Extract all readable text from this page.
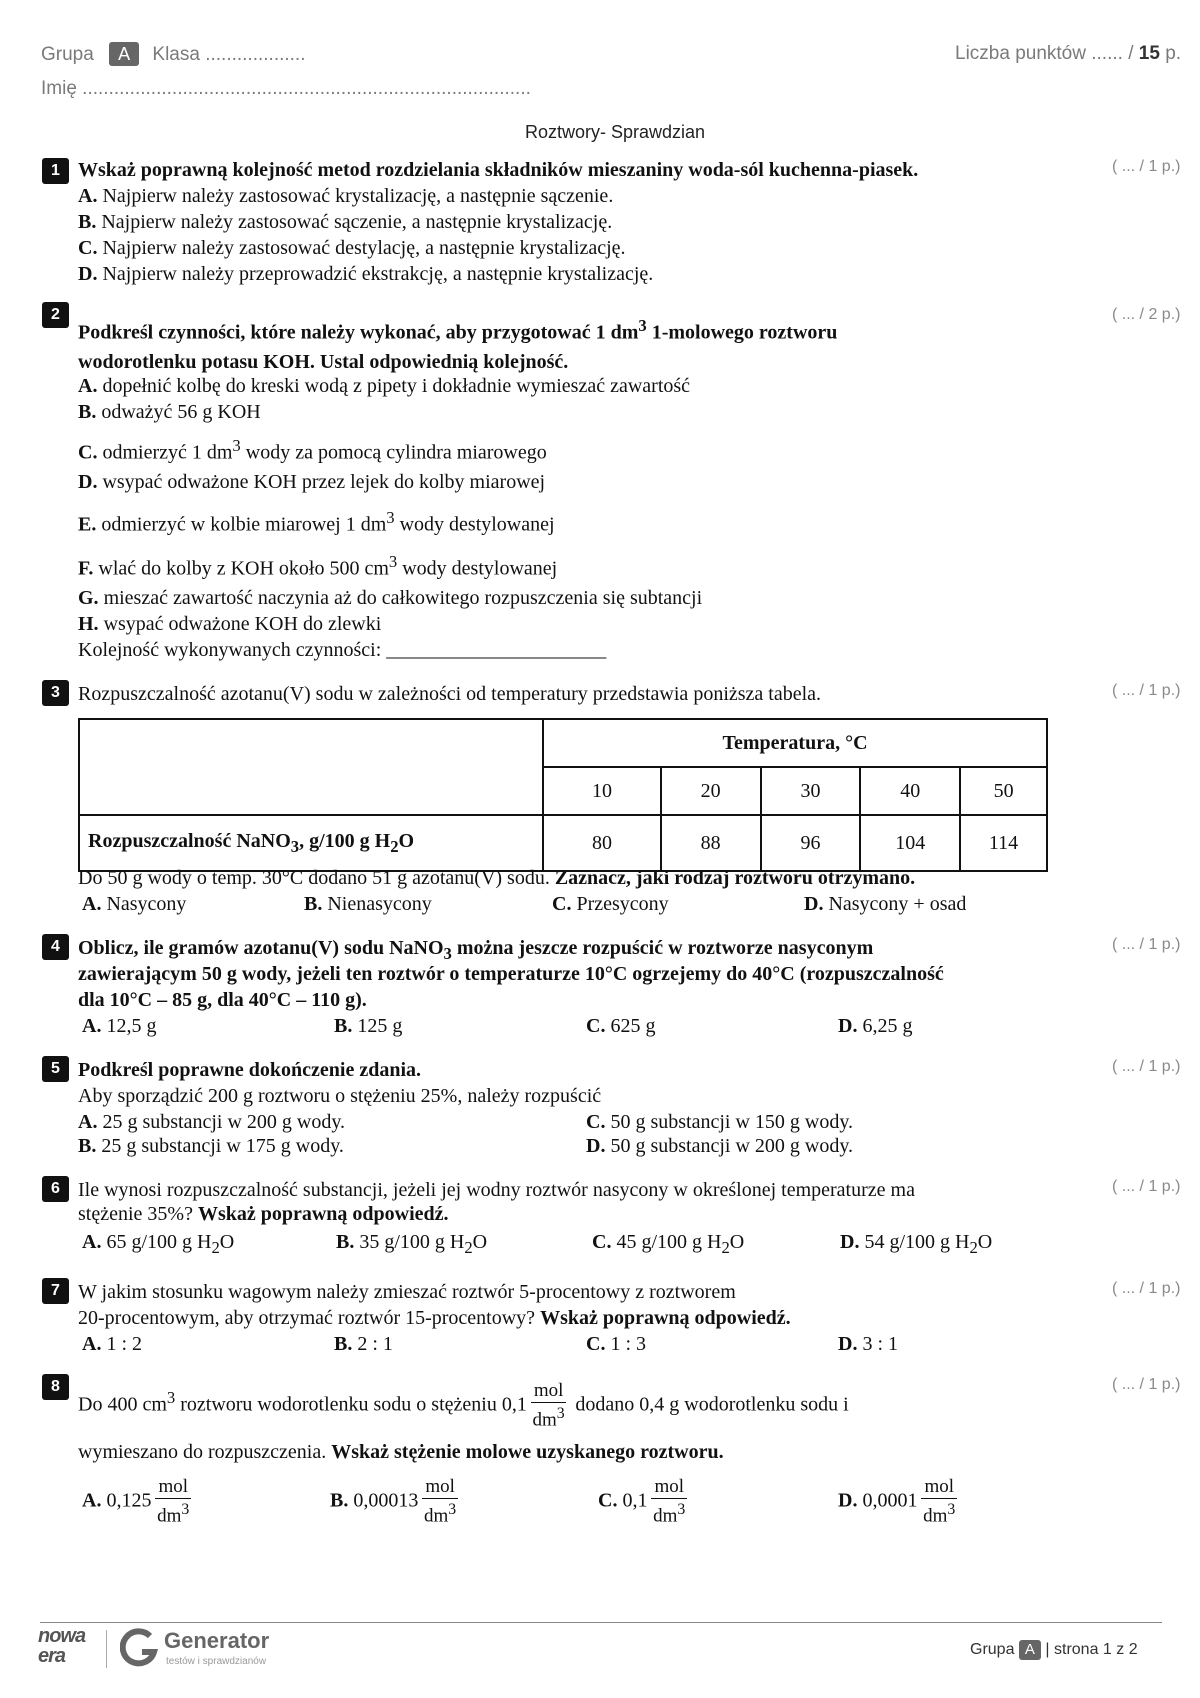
Grupa A Klasa ...................
Imię .....................................................................................
Liczba punktów ...... / 15 p.
Roztwory- Sprawdzian
1	( ... / 1 p.)
Wskaż poprawną kolejność metod rozdzielania składników mieszaniny woda-sól kuchenna-piasek.
A. Najpierw należy zastosować krystalizację, a następnie sączenie.
B. Najpierw należy zastosować sączenie, a następnie krystalizację.
C. Najpierw należy zastosować destylację, a następnie krystalizację.
D. Najpierw należy przeprowadzić ekstrakcję, a następnie krystalizację.
2	( ... / 2 p.)
Podkreśl czynności, które należy wykonać, aby przygotować 1 $dm^3$ 1-molowego roztworu
wodorotlenku potasu KOH. Ustal odpowiednią kolejność.
A. dopełnić kolbę do kreski wodą z pipety i dokładnie wymieszać zawartość
B. odważyć 56 g KOH
C. odmierzyć 1 $dm^3$ wody za pomocą cylindra miarowego
D. wsypać odważone KOH przez lejek do kolby miarowej
E. odmierzyć w kolbie miarowej 1 $dm^3$ wody destylowanej
F. wlać do kolby z KOH około 500 $cm^3$ wody destylowanej
G. mieszać zawartość naczynia aż do całkowitego rozpuszczenia się subtancji
H. wsypać odważone KOH do zlewki
Kolejność wykonywanych czynności: ______________________
3	( ... / 1 p.)
Rozpuszczalność azotanu(V) sodu w zależności od temperatury przedstawia poniższa tabela.
	Temperatura, °C				
	10	20	30	40	50
Rozpuszczalność NaNO$_3$, g/100 g $H_2O$	80	88	96	104	114
Do 50 g wody o temp. 30°C dodano 51 g azotanu(V) sodu. Zaznacz, jaki rodzaj roztworu otrzymano.
A. Nasycony	B. Nienasycony	C. Przesycony	D. Nasycony + osad
4	( ... / 1 p.)
Oblicz, ile gramów azotanu(V) sodu NaNO$_3$ można jeszcze rozpuścić w roztworze nasyconym
zawierającym 50 g wody, jeżeli ten roztwór o temperaturze 10°C ogrzejemy do 40°C (rozpuszczalność
dla 10°C – 85 g, dla 40°C – 110 g).
A. 12,5 g	B. 125 g	C. 625 g	D. 6,25 g
5	( ... / 1 p.)
Podkreśl poprawne dokończenie zdania.
Aby sporządzić 200 g roztworu o stężeniu 25%, należy rozpuścić
A. 25 g substancji w 200 g wody.
B. 25 g substancji w 175 g wody.
C. 50 g substancji w 150 g wody.
D. 50 g substancji w 200 g wody.
6	( ... / 1 p.)
Ile wynosi rozpuszczalność substancji, jeżeli jej wodny roztwór nasycony w określonej temperaturze ma
stężenie 35%? Wskaż poprawną odpowiedź.
A. 65 g/100 g $H_2O$	B. 35 g/100 g $H_2O$	C. 45 g/100 g $H_2O$	D. 54 g/100 g $H_2O$
7	( ... / 1 p.)
W jakim stosunku wagowym należy zmieszać roztwór 5-procentowy z roztworem
20-procentowym, aby otrzymać roztwór 15-procentowy? Wskaż poprawną odpowiedź.
A. 1 : 2	B. 2 : 1	C. 1 : 3	D. 3 : 1
8	( ... / 1 p.)
Do 400 $cm^3$ roztworu wodorotlenku sodu o stężeniu $0,1 \frac{\text{mol}}{dm^3}$ dodano 0,4 g wodorotlenku sodu i
wymieszano do rozpuszczenia. Wskaż stężenie molowe uzyskanego roztworu.
A. $0,125 \frac{\text{mol}}{dm^3}$	B. $0,00013 \frac{\text{mol}}{dm^3}$	C. $0,1 \frac{\text{mol}}{dm^3}$	D. $0,0001 \frac{\text{mol}}{dm^3}$
nowa
era
Generator
testów i sprawdzianów
Grupa A | strona 1 z 2
